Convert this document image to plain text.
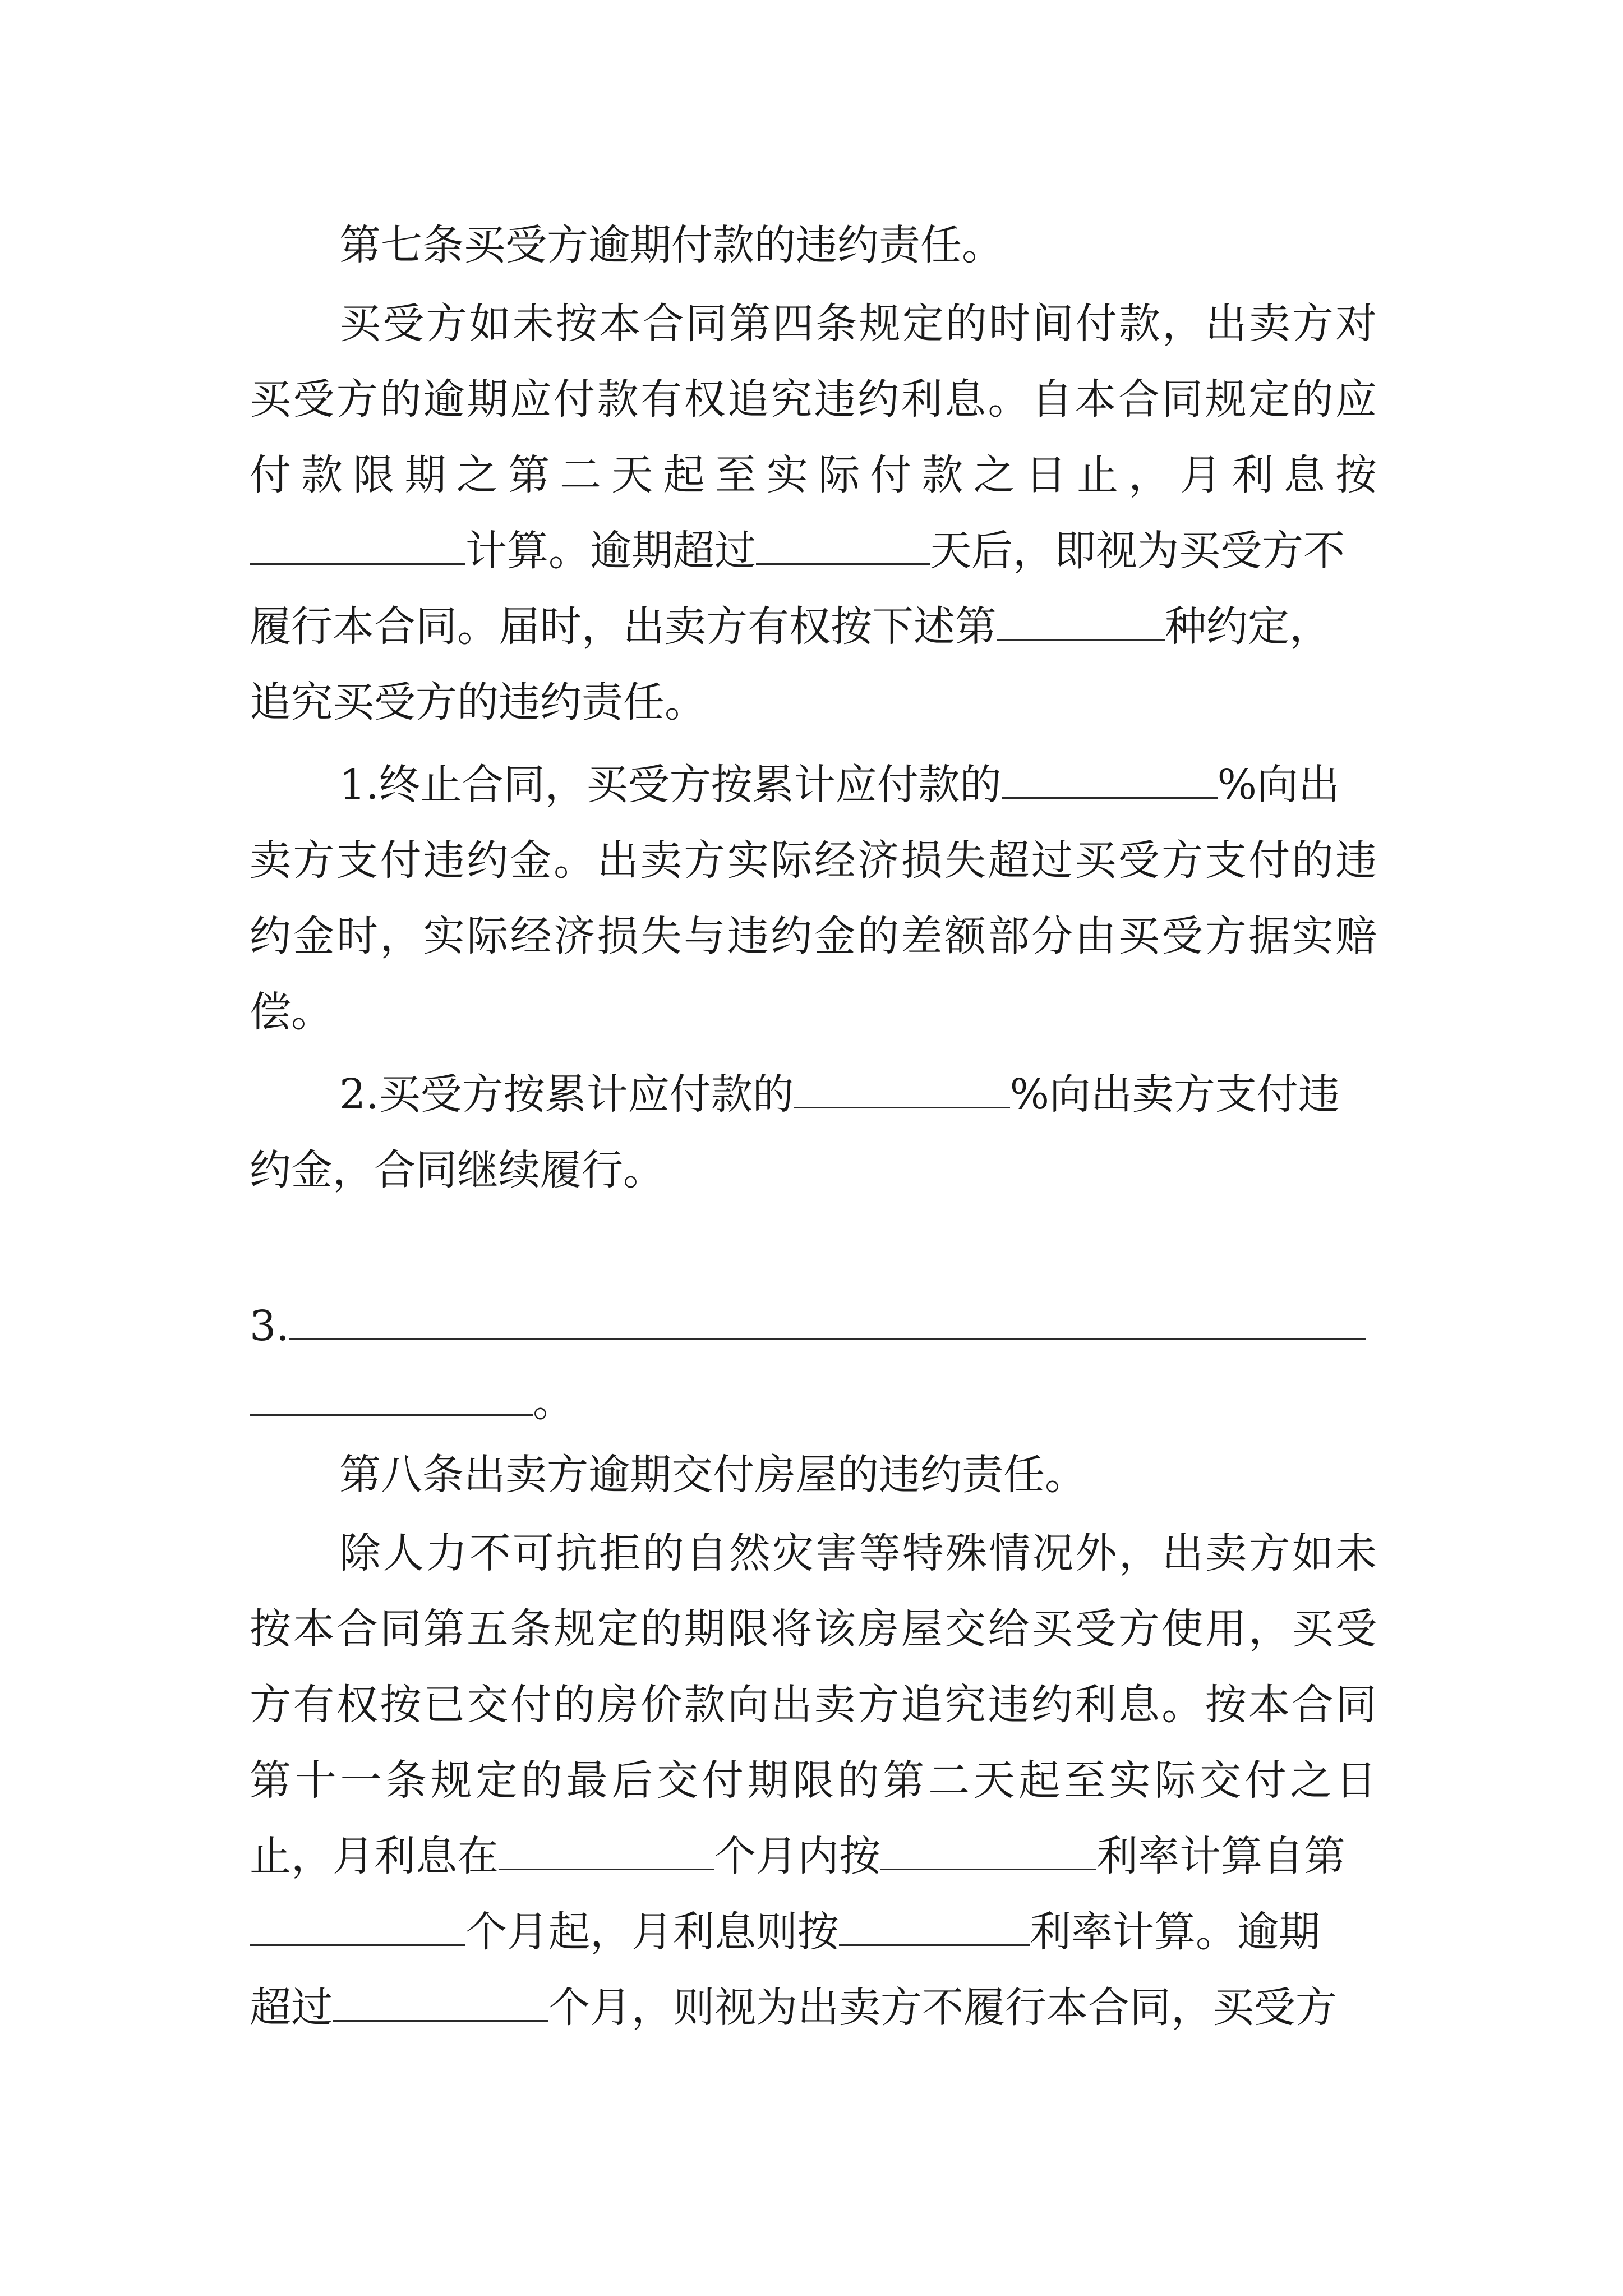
第七条买受方逾期付款的违约责任。
买受方如未按本合同第四条规定的时间付款，出卖方对
买受方的逾期应付款有权追究违约利息。自本合同规定的应
付款限期之第二天起至实际付款之日止，月利息按
计算。逾期超过	天后，即视为买受方不
履行本合同。届时，出卖方有权按下述第	种约定，
追究买受方的违约责任。
1.终止合同，买受方按累计应付款的	%向出
卖方支付违约金。出卖方实际经济损失超过买受方支付的违
约金时，实际经济损失与违约金的差额部分由买受方据实赔
偿。
2.买受方按累计应付款的	%向出卖方支付违
约金，合同继续履行。
3.
。
第八条出卖方逾期交付房屋的违约责任。
除人力不可抗拒的自然灾害等特殊情况外，出卖方如未
按本合同第五条规定的期限将该房屋交给买受方使用，买受
方有权按已交付的房价款向出卖方追究违约利息。按本合同
第十一条规定的最后交付期限的第二天起至实际交付之日
止，月利息在	个月内按	利率计算自第
个月起，月利息则按	利率计算。逾期
超过	个月，则视为出卖方不履行本合同，买受方
